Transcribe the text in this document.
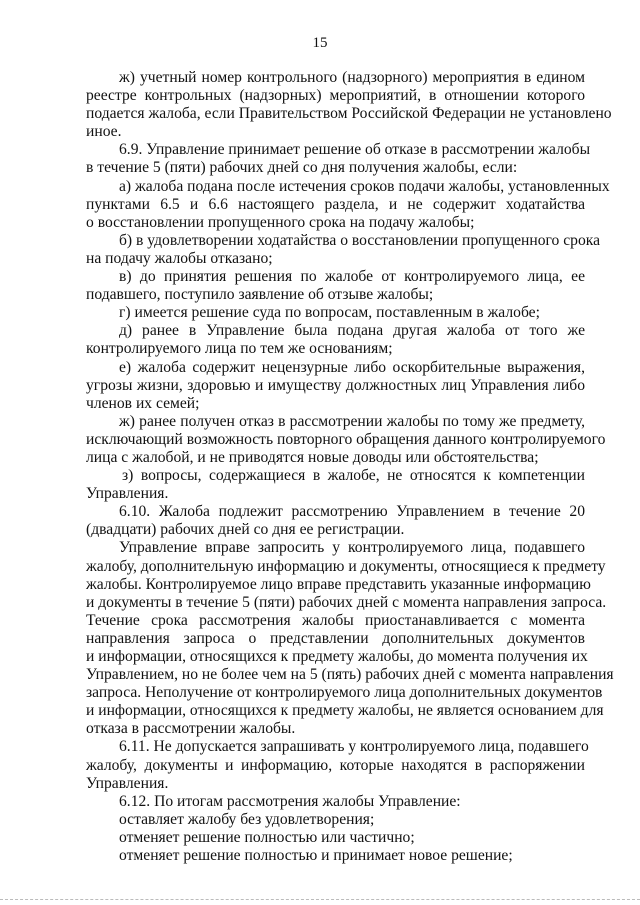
15
ж) учетный номер контрольного (надзорного) мероприятия в едином
реестре контрольных (надзорных) мероприятий, в отношении которого
подается жалоба, если Правительством Российской Федерации не установлено
иное.
6.9. Управление принимает решение об отказе в рассмотрении жалобы
в течение 5 (пяти) рабочих дней со дня получения жалобы, если:
а) жалоба подана после истечения сроков подачи жалобы, установленных
пунктами 6.5 и 6.6 настоящего раздела, и не содержит ходатайства
о восстановлении пропущенного срока на подачу жалобы;
б) в удовлетворении ходатайства о восстановлении пропущенного срока
на подачу жалобы отказано;
в) до принятия решения по жалобе от контролируемого лица, ее
подавшего, поступило заявление об отзыве жалобы;
г) имеется решение суда по вопросам, поставленным в жалобе;
д) ранее в Управление была подана другая жалоба от того же
контролируемого лица по тем же основаниям;
е) жалоба содержит нецензурные либо оскорбительные выражения,
угрозы жизни, здоровью и имуществу должностных лиц Управления либо
членов их семей;
ж) ранее получен отказ в рассмотрении жалобы по тому же предмету,
исключающий возможность повторного обращения данного контролируемого
лица с жалобой, и не приводятся новые доводы или обстоятельства;
з) вопросы, содержащиеся в жалобе, не относятся к компетенции
Управления.
6.10. Жалоба подлежит рассмотрению Управлением в течение 20
(двадцати) рабочих дней со дня ее регистрации.
Управление вправе запросить у контролируемого лица, подавшего
жалобу, дополнительную информацию и документы, относящиеся к предмету
жалобы. Контролируемое лицо вправе представить указанные информацию
и документы в течение 5 (пяти) рабочих дней с момента направления запроса.
Течение срока рассмотрения жалобы приостанавливается с момента
направления запроса о представлении дополнительных документов
и информации, относящихся к предмету жалобы, до момента получения их
Управлением, но не более чем на 5 (пять) рабочих дней с момента направления
запроса. Неполучение от контролируемого лица дополнительных документов
и информации, относящихся к предмету жалобы, не является основанием для
отказа в рассмотрении жалобы.
6.11. Не допускается запрашивать у контролируемого лица, подавшего
жалобу, документы и информацию, которые находятся в распоряжении
Управления.
6.12. По итогам рассмотрения жалобы Управление:
оставляет жалобу без удовлетворения;
отменяет решение полностью или частично;
отменяет решение полностью и принимает новое решение;
